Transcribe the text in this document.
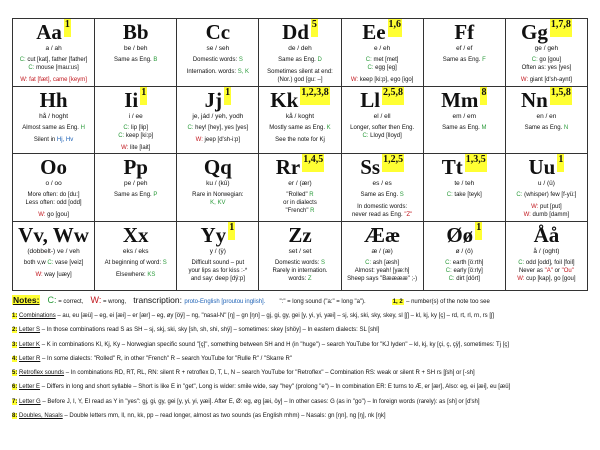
Aa 1
a / ah
C: cut [kat], father [father]
C: mouse [mau:us]
W: fat [fæt], came [keym]

Bb
be / beh
Same as Eng. B

Cc
se / seh
Domestic words: S
Internation. words: S, K

Dd 5
de / deh
Same as Eng. D
Sometimes silent at end:
(Nor.) god [gu: –]

Ee 1,6
e / eh
C: met [met]
C: egg [eg]
W: keep [ki:p], ego [igo]

Ff
ef / ef
Same as Eng. F

Gg 1,7,8
ge / geh
C: go [gou]
Often as: yes [yes]
W: giant [d'sh-aynt]

Hh
hå / hoght
Almost same as Eng. H
Silent in Hj, Hv

Ii 1
i / ee
C: lip [lip]
C: keep [ki:p]
W: lite [lait]

Jj 1
je, jád / yeh, yodh
C: hey! [hey], yes [yes]
W: jeep [d'sh-i:p]

Kk 1,2,3,8
kå / koght
Mostly same as Eng. K
See the note for Kj

Ll 2,5,8
el / ell
Longer, softer then Eng.
C: Lloyd [lloyd]

Mm 8
em / em
Same as Eng. M

Nn 1,5,8
en / en
Same as Eng. N

Oo
o / oo
More often: do [du:]
Less often: odd [odd]
W: go [gou]

Pp
pe / peh
Same as Eng. P

Qq
ku / (kû)
Rare in Norwegian:
K, KV

Rr 1,4,5
er / (ær)
"Rolled" R
or in dialects
"French" R

Ss 1,2,5
es / es
Same as Eng. S
In domestic words:
never read as Eng. "Z"

Tt 1,3,5
te / teh
C: take [teyk]

Uu 1
u / (ü)
C: (whisper) few [f-yü:]
W: put [put]
W: dumb [damm]

Vv, Ww
(dobbelt-) ve / veh
both v,w C: vase [veiz]
W: way [uæy]

Xx
eks / eks
At beginning of word: S
Elsewhere: KS

Yy 1
y / (ÿ)
Difficult sound – put
your lips as for kiss :-*
and say: deep [dÿ:p]

Zz
set / set
Domestic words: S
Rarely in internation.
words: Z

Ææ
æ / (æ)
C: ash [æsh]
Almost: yeah! [yæ:h]
Sheep says "Bææææ" ;-)

Øø 1
ø / (ö)
C: earth [ö:rth]
C: early [ö:rly]
C: dirt [dört]

Åå
å / (oght)
C: odd [odd], foil [foil]
Never as "A" or "Ou"
W: cup [kap], go [gou]
Notes: C: = correct, W: = wrong, transcription: proto-English [proutou inglish]. ":" = long sound ("a:" = long "a").	1, 2 – number(s) of the note too see
1: Combinations – au, eu [æü] – eg, ei [æi] – er [ær] – eg, øy [öÿ] – ng, "nasal-N" [ŋ] – gn [ŋn] – gj, gi, gy, gei [y, yi, yi, yæi] – sj, skj, ski, sky, skey, sl [ʃ] – kl, kj, ky [ç] – rd, rt, rl, rn, rs [ʃ]
2: Letter S – In those combinations read S as SH – sj, skj, ski, sky [sh, sh, shi, shÿ] – sometimes: skey [shöy] – In eastern dialects: SL [shl]
3: Letter K – K in combinations Kl, Kj, Ky – Norwegian specific sound "[ç]", something between SH and H (in "huge") – search YouTube for "KJ lyden" – kl, kj, ky [çi, ç, çÿ], sometimes: Tj [ç]
4: Letter R – In some dialects: "Rolled" R, in other "French" R – search YouTube for "Rulle R" / "Skarre R"
5: Retroflex sounds – In combinations RD, RT, RL, RN: silent R + retroflex D, T, L, N – search YouTube for "Retroflex" – Combination RS: weak or silent R + SH rs [ʃsh] or [-sh]
6: Letter E – Differs in long and short syllable – Short is like E in "get", Long is wider: smile wide, say "hey" (prolong "e") – In combination ER: E turns to Æ, er [ær], Also: eg, ei [æi], eu [æü]
7: Letter G – Before J, I, Y, EI read as Y in "yes": gj, gi, gy, gei [y, yi, yi, yæi]. After E, Ø: eg, øg [æi, öy] – In other cases: G (as in "go") – In foreign words (rarely): as [sh] or [d'sh]
8: Doubles, Nasals – Double letters mm, ll, nn, kk, pp – read longer, almost as two sounds (as English mhm) – Nasals: gn [ŋn], ng [ŋ], nk [ŋk]
